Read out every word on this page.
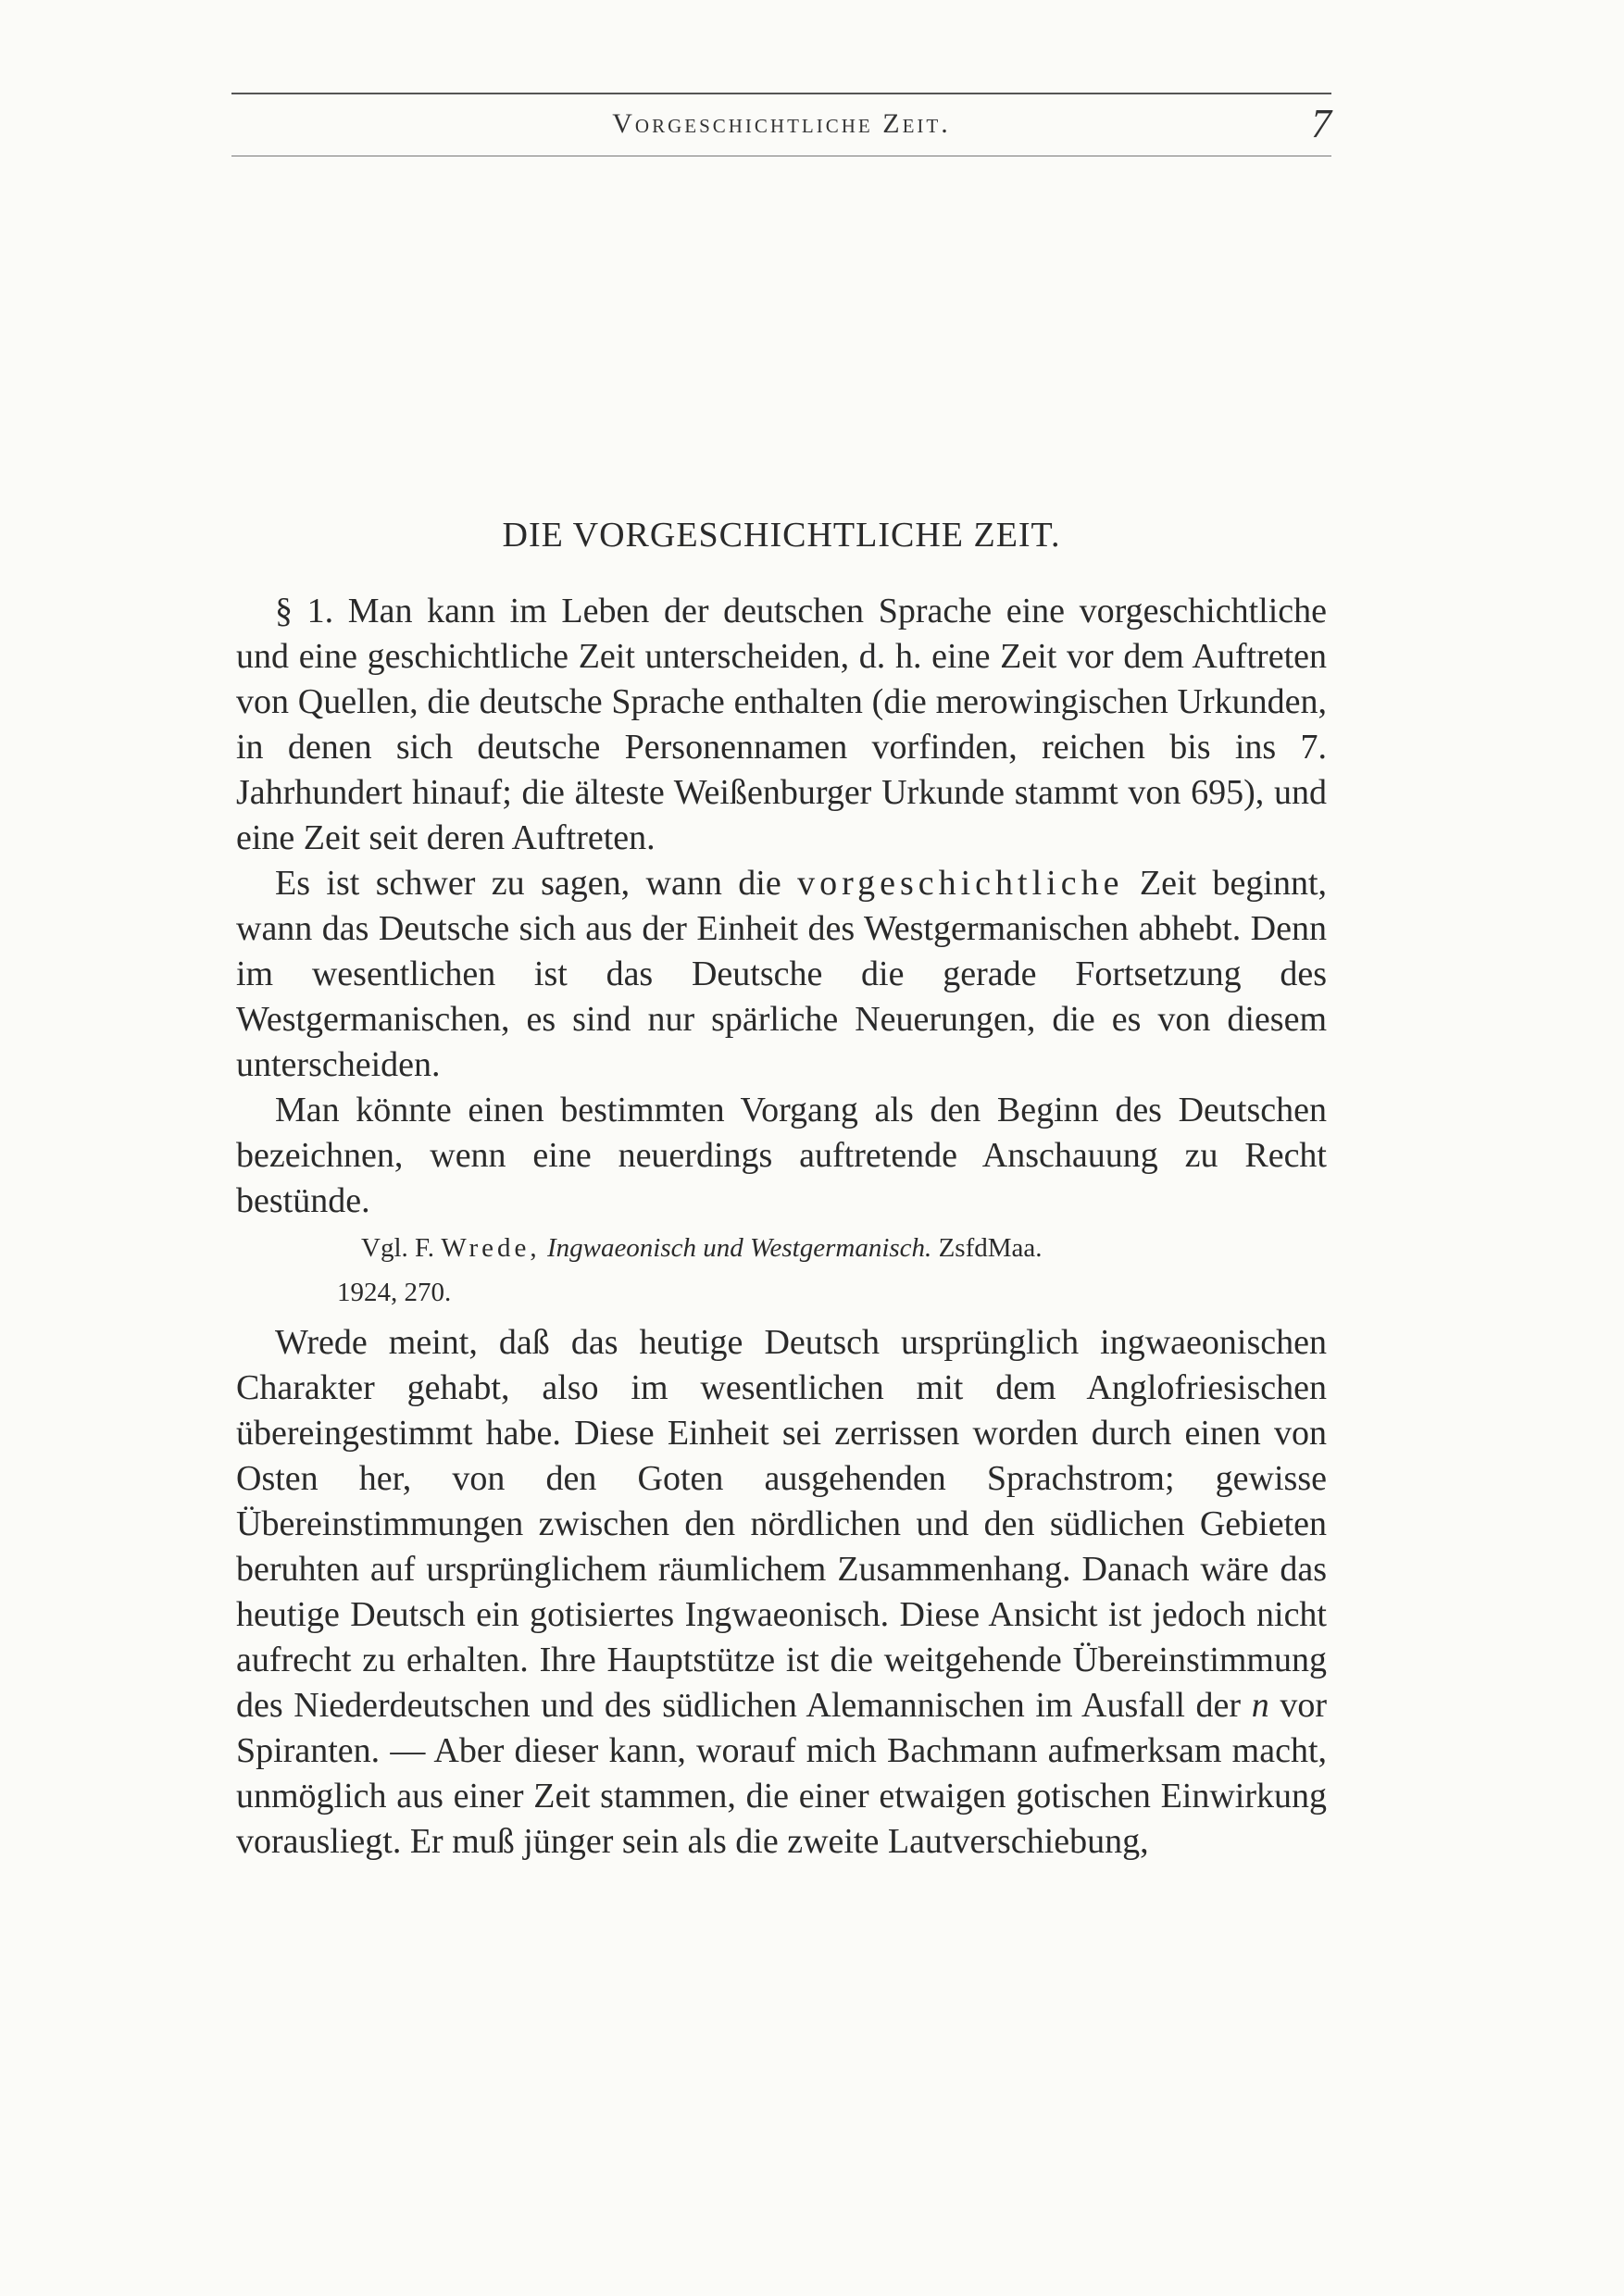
Vorgeschichtliche Zeit.	7
DIE VORGESCHICHTLICHE ZEIT.

§ 1. Man kann im Leben der deutschen Sprache eine vorgeschichtliche und eine geschichtliche Zeit unterscheiden, d. h. eine Zeit vor dem Auftreten von Quellen, die deutsche Sprache enthalten (die merowingischen Urkunden, in denen sich deutsche Personennamen vorfinden, reichen bis ins 7. Jahrhundert hinauf; die älteste Weißenburger Urkunde stammt von 695), und eine Zeit seit deren Auftreten.

Es ist schwer zu sagen, wann die vorgeschichtliche Zeit beginnt, wann das Deutsche sich aus der Einheit des Westgermanischen abhebt. Denn im wesentlichen ist das Deutsche die gerade Fortsetzung des Westgermanischen, es sind nur spärliche Neuerungen, die es von diesem unterscheiden.

Man könnte einen bestimmten Vorgang als den Beginn des Deutschen bezeichnen, wenn eine neuerdings auftretende Anschauung zu Recht bestünde.

Vgl. F. Wrede, Ingwaeonisch und Westgermanisch. ZsfdMaa.
1924, 270.

Wrede meint, daß das heutige Deutsch ursprünglich ingwaeonischen Charakter gehabt, also im wesentlichen mit dem Anglofriesischen übereingestimmt habe. Diese Einheit sei zerrissen worden durch einen von Osten her, von den Goten ausgehenden Sprachstrom; gewisse Übereinstimmungen zwischen den nördlichen und den südlichen Gebieten beruhten auf ursprünglichem räumlichem Zusammenhang. Danach wäre das heutige Deutsch ein gotisiertes Ingwaeonisch. Diese Ansicht ist jedoch nicht aufrecht zu erhalten. Ihre Hauptstütze ist die weitgehende Übereinstimmung des Niederdeutschen und des südlichen Alemannischen im Ausfall der n vor Spiranten. — Aber dieser kann, worauf mich Bachmann aufmerksam macht, unmöglich aus einer Zeit stammen, die einer etwaigen gotischen Einwirkung vorausliegt. Er muß jünger sein als die zweite Lautverschiebung,
